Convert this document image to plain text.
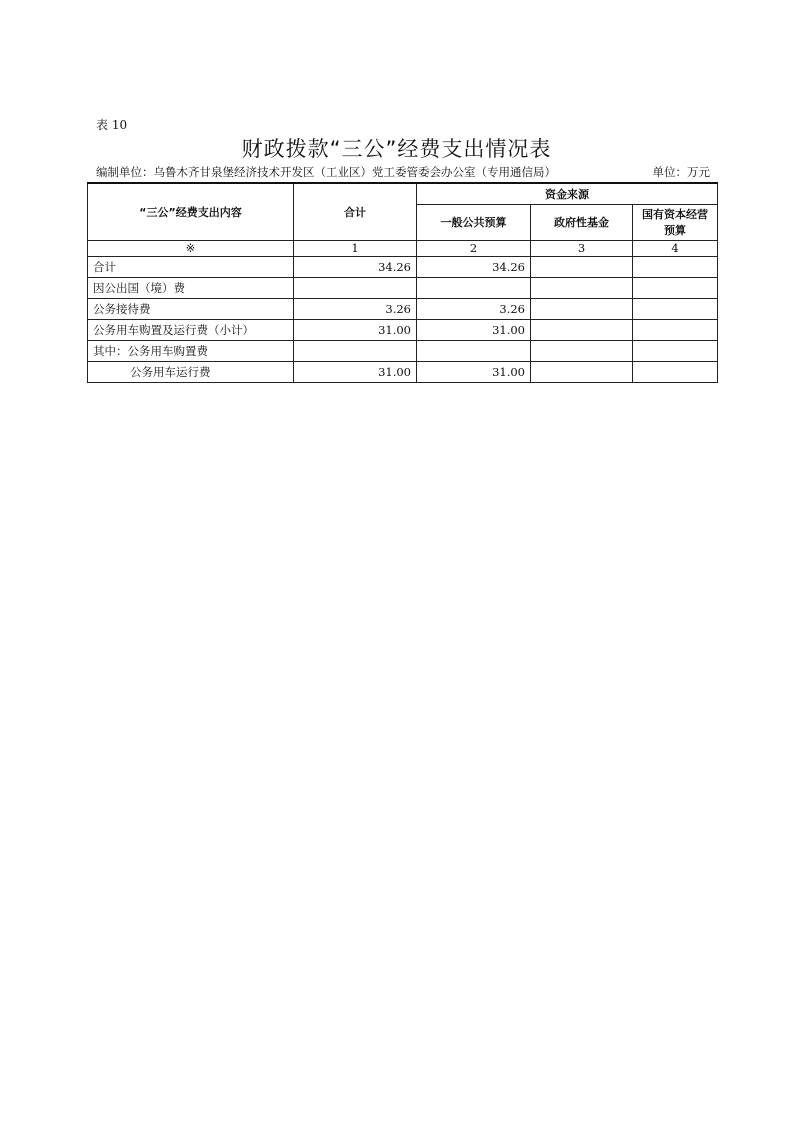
表 10
财政拨款“三公”经费支出情况表
编制单位：乌鲁木齐甘泉堡经济技术开发区（工业区）党工委管委会办公室（专用通信局）	单位：万元
“三公”经费支出内容	合计	资金来源		
		一般公共预算	政府性基金	国有资本经营预算
※	1	2	3	4
合计	34.26	34.26		
因公出国（境）费				
公务接待费	3.26	3.26		
公务用车购置及运行费（小计）	31.00	31.00		
其中：公务用车购置费				
公务用车运行费	31.00	31.00		
